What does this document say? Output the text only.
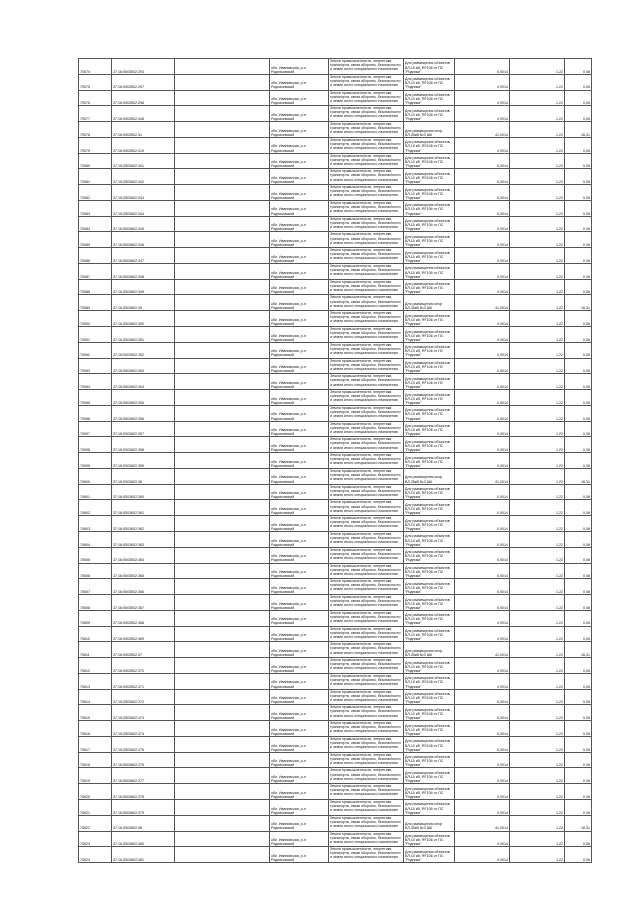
70574	27:16:0503602:293		обл. Ивановская, р-н Родниковский	Земли промышленности, энергетики, транспорта, связи обороны, безопасности и земли иного специального назначения	Для размещения объектов ВЛ-10 кВ, RF106 от ПС "Родники"	0,0014	1,22	0,06
70575	37:16:0503602:297		обл. Ивановская, р-н Родниковский	Земли промышленности, энергетики, транспорта, связи обороны, безопасности и земли иного специального назначения	Для размещения объектов ВЛ-10 кВ, RF106 от ПС "Родники"	0,0014	1,22	0,06
70576	37:16:0503602:298		обл. Ивановская, р-н Родниковский	Земли промышленности, энергетики, транспорта, связи обороны, безопасности и земли иного специального назначения	Для размещения объектов ВЛ-10 кВ, RF106 от ПС "Родники"	0,0014	1,22	0,06
70577	37:16:0503602:348		обл. Ивановская, р-н Родниковский	Земли промышленности, энергетики, транспорта, связи обороны, безопасности и земли иного специального назначения	Для размещения объектов ВЛ-10 кВ, RF106 от ПС "Родники"	0,0014	1,22	0,06
70578	37:16:0503602:31		обл. Ивановская, р-н Родниковский	Земли промышленности, энергетики, транспорта, связи обороны, безопасности и земли иного специального назначения	Для размещения опор ВЛ-35кВ №3 Ш6	41,0014	1,22	16,31
70579	37:16:0503602:319		обл. Ивановская, р-н Родниковский	Земли промышленности, энергетики, транспорта, связи обороны, безопасности и земли иного специального назначения	Для размещения объектов ВЛ-10 кВ, RF106 от ПС "Родники"	0,0014	1,22	0,06
70580	37:16:0503602:341		обл. Ивановская, р-н Родниковский	Земли промышленности, энергетики, транспорта, связи обороны, безопасности и земли иного специального назначения	Для размещения объектов ВЛ-10 кВ, RF106 от ПС "Родники"	0,0014	1,22	0,06
70581	37:16:0503602:342		обл. Ивановская, р-н Родниковский	Земли промышленности, энергетики, транспорта, связи обороны, безопасности и земли иного специального назначения	Для размещения объектов ВЛ-10 кВ, RF106 от ПС "Родники"	0,0014	1,22	0,06
70582	37:16:0503602:343		обл. Ивановская, р-н Родниковский	Земли промышленности, энергетики, транспорта, связи обороны, безопасности и земли иного специального назначения	Для размещения объектов ВЛ-10 кВ, RF106 от ПС "Родники"	0,0014	1,22	0,06
70583	37:16:0503602:344		обл. Ивановская, р-н Родниковский	Земли промышленности, энергетики, транспорта, связи обороны, безопасности и земли иного специального назначения	Для размещения объектов ВЛ-10 кВ, RF106 от ПС "Родники"	0,0014	1,22	0,06
70584	37:16:0503602:345		обл. Ивановская, р-н Родниковский	Земли промышленности, энергетики, транспорта, связи обороны, безопасности и земли иного специального назначения	Для размещения объектов ВЛ-10 кВ, RF106 от ПС "Родники"	0,0014	1,22	0,06
70585	37:16:0503602:346		обл. Ивановская, р-н Родниковский	Земли промышленности, энергетики, транспорта, связи обороны, безопасности и земли иного специального назначения	Для размещения объектов ВЛ-10 кВ, RF106 от ПС "Родники"	0,0014	1,22	0,06
70586	37:16:0503602:347		обл. Ивановская, р-н Родниковский	Земли промышленности, энергетики, транспорта, связи обороны, безопасности и земли иного специального назначения	Для размещения объектов ВЛ-10 кВ, RF106 от ПС "Родники"	0,0014	1,22	0,06
70587	37:16:0503602:348		обл. Ивановская, р-н Родниковский	Земли промышленности, энергетики, транспорта, связи обороны, безопасности и земли иного специального назначения	Для размещения объектов ВЛ-10 кВ, RF106 от ПС "Родники"	0,0014	1,22	0,06
70588	37:16:0503602:349		обл. Ивановская, р-н Родниковский	Земли промышленности, энергетики, транспорта, связи обороны, безопасности и земли иного специального назначения	Для размещения объектов ВЛ-10 кВ, RF106 от ПС "Родники"	0,0014	1,22	0,06
70589	37:16:0503602:35		обл. Ивановская, р-н Родниковский	Земли промышленности, энергетики, транспорта, связи обороны, безопасности и земли иного специального назначения	Для размещения опор ВЛ-35кВ №3 Ш6	41,0014	1,22	16,31
70590	37:16:0503602:350		обл. Ивановская, р-н Родниковский	Земли промышленности, энергетики, транспорта, связи обороны, безопасности и земли иного специального назначения	Для размещения объектов ВЛ-10 кВ, RF106 от ПС "Родники"	0,0014	1,22	0,06
70591	37:16:0503602:351		обл. Ивановская, р-н Родниковский	Земли промышленности, энергетики, транспорта, связи обороны, безопасности и земли иного специального назначения	Для размещения объектов ВЛ-10 кВ, RF106 от ПС "Родники"	0,0014	1,22	0,06
70592	37:16:0503602:352		обл. Ивановская, р-н Родниковский	Земли промышленности, энергетики, транспорта, связи обороны, безопасности и земли иного специального назначения	Для размещения объектов ВЛ-10 кВ, RF106 от ПС "Родники"	0,0014	1,22	0,06
70593	37:16:0503602:353		обл. Ивановская, р-н Родниковский	Земли промышленности, энергетики, транспорта, связи обороны, безопасности и земли иного специального назначения	Для размещения объектов ВЛ-10 кВ, RF106 от ПС "Родники"	0,0014	1,22	0,06
70594	37:16:0503602:354		обл. Ивановская, р-н Родниковский	Земли промышленности, энергетики, транспорта, связи обороны, безопасности и земли иного специального назначения	Для размещения объектов ВЛ-10 кВ, RF106 от ПС "Родники"	0,0014	1,22	0,06
70595	37:16:0503602:355		обл. Ивановская, р-н Родниковский	Земли промышленности, энергетики, транспорта, связи обороны, безопасности и земли иного специального назначения	Для размещения объектов ВЛ-10 кВ, RF106 от ПС "Родники"	0,0014	1,22	0,06
70596	37:16:0503602:356		обл. Ивановская, р-н Родниковский	Земли промышленности, энергетики, транспорта, связи обороны, безопасности и земли иного специального назначения	Для размещения объектов ВЛ-10 кВ, RF106 от ПС "Родники"	0,0014	1,22	0,06
70597	37:16:0503602:357		обл. Ивановская, р-н Родниковский	Земли промышленности, энергетики, транспорта, связи обороны, безопасности и земли иного специального назначения	Для размещения объектов ВЛ-10 кВ, RF106 от ПС "Родники"	0,0014	1,22	0,06
70598	37:16:0503602:358		обл. Ивановская, р-н Родниковский	Земли промышленности, энергетики, транспорта, связи обороны, безопасности и земли иного специального назначения	Для размещения объектов ВЛ-10 кВ, RF106 от ПС "Родники"	0,0014	1,22	0,06
70599	37:16:0503602:359		обл. Ивановская, р-н Родниковский	Земли промышленности, энергетики, транспорта, связи обороны, безопасности и земли иного специального назначения	Для размещения объектов ВЛ-10 кВ, RF106 от ПС "Родники"	0,0014	1,22	0,06
70600	37:16:0503602:36		обл. Ивановская, р-н Родниковский	Земли промышленности, энергетики, транспорта, связи обороны, безопасности и земли иного специального назначения	Для размещения опор ВЛ-35кВ №3 Ш6	41,0014	1,22	16,31
70601	37:16:0503602:360		обл. Ивановская, р-н Родниковский	Земли промышленности, энергетики, транспорта, связи обороны, безопасности и земли иного специального назначения	Для размещения объектов ВЛ-10 кВ, RF106 от ПС "Родники"	0,0014	1,22	0,06
70602	37:16:0503602:361		обл. Ивановская, р-н Родниковский	Земли промышленности, энергетики, транспорта, связи обороны, безопасности и земли иного специального назначения	Для размещения объектов ВЛ-10 кВ, RF106 от ПС "Родники"	0,0014	1,22	0,06
70603	37:16:0503602:362		обл. Ивановская, р-н Родниковский	Земли промышленности, энергетики, транспорта, связи обороны, безопасности и земли иного специального назначения	Для размещения объектов ВЛ-10 кВ, RF106 от ПС "Родники"	0,0014	1,22	0,06
70604	37:16:0503602:363		обл. Ивановская, р-н Родниковский	Земли промышленности, энергетики, транспорта, связи обороны, безопасности и земли иного специального назначения	Для размещения объектов ВЛ-10 кВ, RF106 от ПС "Родники"	0,0014	1,22	0,06
70605	37:16:0503602:364		обл. Ивановская, р-н Родниковский	Земли промышленности, энергетики, транспорта, связи обороны, безопасности и земли иного специального назначения	Для размещения объектов ВЛ-10 кВ, RF106 от ПС "Родники"	0,0014	1,22	0,06
70606	37:16:0503602:365		обл. Ивановская, р-н Родниковский	Земли промышленности, энергетики, транспорта, связи обороны, безопасности и земли иного специального назначения	Для размещения объектов ВЛ-10 кВ, RF106 от ПС "Родники"	0,0014	1,22	0,06
70607	37:16:0503602:366		обл. Ивановская, р-н Родниковский	Земли промышленности, энергетики, транспорта, связи обороны, безопасности и земли иного специального назначения	Для размещения объектов ВЛ-10 кВ, RF106 от ПС "Родники"	0,0014	1,22	0,06
70608	37:16:0503602:367		обл. Ивановская, р-н Родниковский	Земли промышленности, энергетики, транспорта, связи обороны, безопасности и земли иного специального назначения	Для размещения объектов ВЛ-10 кВ, RF106 от ПС "Родники"	0,0014	1,22	0,06
70609	37:16:0503602:368		обл. Ивановская, р-н Родниковский	Земли промышленности, энергетики, транспорта, связи обороны, безопасности и земли иного специального назначения	Для размещения объектов ВЛ-10 кВ, RF106 от ПС "Родники"	0,0014	1,22	0,06
70610	37:16:0503602:369		обл. Ивановская, р-н Родниковский	Земли промышленности, энергетики, транспорта, связи обороны, безопасности и земли иного специального назначения	Для размещения объектов ВЛ-10 кВ, RF106 от ПС "Родники"	0,0014	1,22	0,06
70611	37:16:0503602:37		обл. Ивановская, р-н Родниковский	Земли промышленности, энергетики, транспорта, связи обороны, безопасности и земли иного специального назначения	Для размещения опор ВЛ-35кВ №3 Ш6	41,0014	1,22	16,31
70612	37:16:0503602:370		обл. Ивановская, р-н Родниковский	Земли промышленности, энергетики, транспорта, связи обороны, безопасности и земли иного специального назначения	Для размещения объектов ВЛ-10 кВ, RF106 от ПС "Родники"	0,0014	1,22	0,06
70613	37:16:0503602:371		обл. Ивановская, р-н Родниковский	Земли промышленности, энергетики, транспорта, связи обороны, безопасности и земли иного специального назначения	Для размещения объектов ВЛ-10 кВ, RF106 от ПС "Родники"	0,0014	1,22	0,06
70614	37:16:0503602:372		обл. Ивановская, р-н Родниковский	Земли промышленности, энергетики, транспорта, связи обороны, безопасности и земли иного специального назначения	Для размещения объектов ВЛ-10 кВ, RF106 от ПС "Родники"	0,0014	1,22	0,06
70615	37:16:0503602:373		обл. Ивановская, р-н Родниковский	Земли промышленности, энергетики, транспорта, связи обороны, безопасности и земли иного специального назначения	Для размещения объектов ВЛ-10 кВ, RF106 от ПС "Родники"	0,0014	1,22	0,06
70616	37:16:0503602:374		обл. Ивановская, р-н Родниковский	Земли промышленности, энергетики, транспорта, связи обороны, безопасности и земли иного специального назначения	Для размещения объектов ВЛ-10 кВ, RF106 от ПС "Родники"	0,0014	1,22	0,06
70617	37:16:0503602:375		обл. Ивановская, р-н Родниковский	Земли промышленности, энергетики, транспорта, связи обороны, безопасности и земли иного специального назначения	Для размещения объектов ВЛ-10 кВ, RF106 от ПС "Родники"	0,0014	1,22	0,06
70618	37:16:0503602:376		обл. Ивановская, р-н Родниковский	Земли промышленности, энергетики, транспорта, связи обороны, безопасности и земли иного специального назначения	Для размещения объектов ВЛ-10 кВ, RF106 от ПС "Родники"	0,0014	1,22	0,06
70619	37:16:0503602:377		обл. Ивановская, р-н Родниковский	Земли промышленности, энергетики, транспорта, связи обороны, безопасности и земли иного специального назначения	Для размещения объектов ВЛ-10 кВ, RF106 от ПС "Родники"	0,0014	1,22	0,06
70620	37:16:0503602:378		обл. Ивановская, р-н Родниковский	Земли промышленности, энергетики, транспорта, связи обороны, безопасности и земли иного специального назначения	Для размещения объектов ВЛ-10 кВ, RF106 от ПС "Родники"	0,0014	1,22	0,06
70621	37:16:0503602:379		обл. Ивановская, р-н Родниковский	Земли промышленности, энергетики, транспорта, связи обороны, безопасности и земли иного специального назначения	Для размещения объектов ВЛ-10 кВ, RF106 от ПС "Родники"	0,0014	1,22	0,06
70622	37:16:0503602:38		обл. Ивановская, р-н Родниковский	Земли промышленности, энергетики, транспорта, связи обороны, безопасности и земли иного специального назначения	Для размещения опор ВЛ-35кВ №3 Ш6	41,0014	1,22	16,31
70623	37:16:0503602:380		обл. Ивановская, р-н Родниковский	Земли промышленности, энергетики, транспорта, связи обороны, безопасности и земли иного специального назначения	Для размещения объектов ВЛ-10 кВ, RF106 от ПС "Родники"	0,0014	1,22	0,06
70624	37:16:0503602:381		обл. Ивановская, р-н Родниковский	Земли промышленности, энергетики, транспорта, связи обороны, безопасности и земли иного специального назначения	Для размещения объектов ВЛ-10 кВ, RF106 от ПС "Родники"	0,0014	1,22	0,06
